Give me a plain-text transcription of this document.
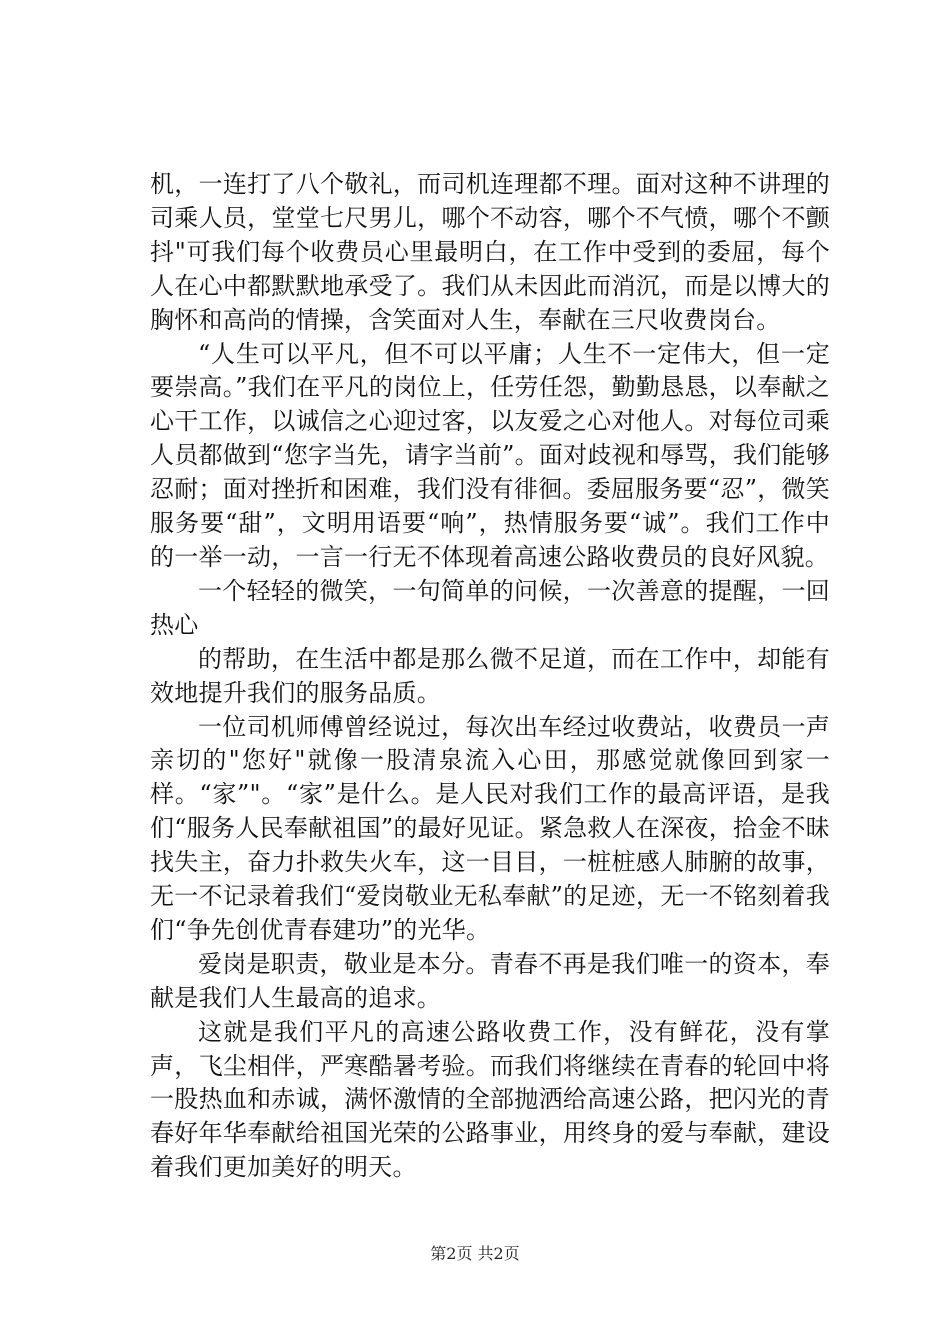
机，一连打了八个敬礼，而司机连理都不理。面对这种不讲理的司乘人员，堂堂七尺男儿，哪个不动容，哪个不气愤，哪个不颤抖"可我们每个收费员心里最明白，在工作中受到的委屈，每个人在心中都默默地承受了。我们从未因此而消沉，而是以博大的胸怀和高尚的情操，含笑面对人生，奉献在三尺收费岗台。

“人生可以平凡，但不可以平庸；人生不一定伟大，但一定要崇高。”我们在平凡的岗位上，任劳任怨，勤勤恳恳，以奉献之心干工作，以诚信之心迎过客，以友爱之心对他人。对每位司乘人员都做到“您字当先，请字当前”。面对歧视和辱骂，我们能够忍耐；面对挫折和困难，我们没有徘徊。委屈服务要“忍”，微笑服务要“甜”，文明用语要“响”，热情服务要“诚”。我们工作中的一举一动，一言一行无不体现着高速公路收费员的良好风貌。

一个轻轻的微笑，一句简单的问候，一次善意的提醒，一回热心

的帮助，在生活中都是那么微不足道，而在工作中，却能有效地提升我们的服务品质。

一位司机师傅曾经说过，每次出车经过收费站，收费员一声亲切的"您好"就像一股清泉流入心田，那感觉就像回到家一样。“家”"。“家”是什么。是人民对我们工作的最高评语，是我们“服务人民奉献祖国”的最好见证。紧急救人在深夜，拾金不昧找失主，奋力扑救失火车，这一目目，一桩桩感人肺腑的故事，无一不记录着我们“爱岗敬业无私奉献”的足迹，无一不铭刻着我们“争先创优青春建功”的光华。

爱岗是职责，敬业是本分。青春不再是我们唯一的资本，奉献是我们人生最高的追求。

这就是我们平凡的高速公路收费工作，没有鲜花，没有掌声，飞尘相伴，严寒酷暑考验。而我们将继续在青春的轮回中将一股热血和赤诚，满怀激情的全部抛洒给高速公路，把闪光的青春好年华奉献给祖国光荣的公路事业，用终身的爱与奉献，建设着我们更加美好的明天。

第2页 共2页
